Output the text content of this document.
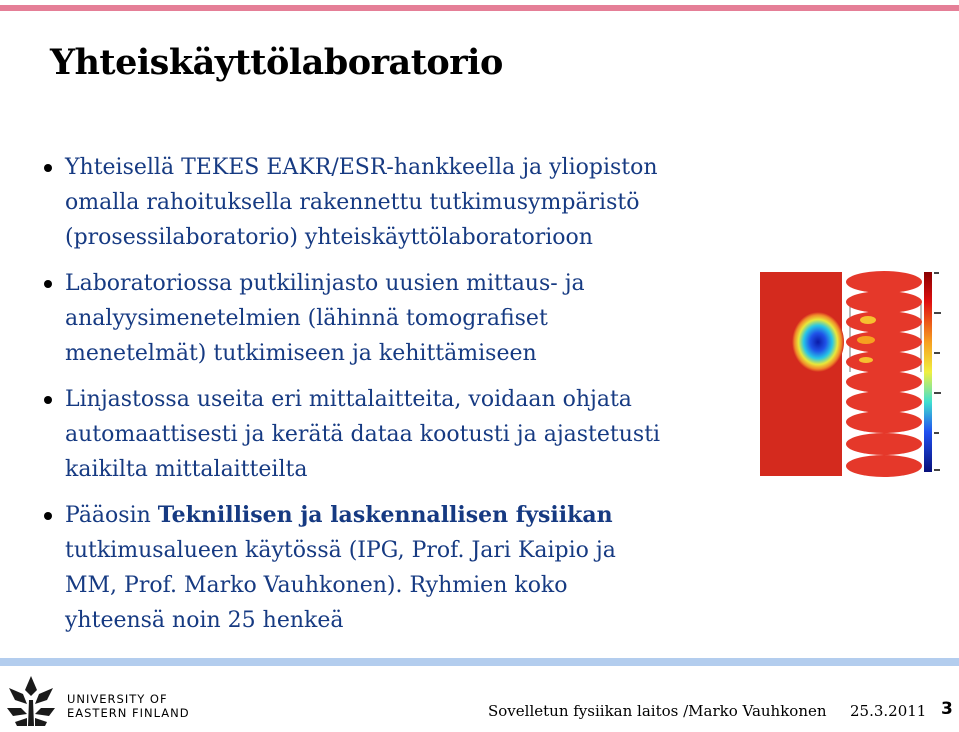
Yhteiskäyttölaboratorio
Yhteisellä TEKES EAKR/ESR-hankkeella ja yliopiston
omalla rahoituksella rakennettu tutkimusympäristö
(prosessilaboratorio) yhteiskäyttölaboratorioon
Laboratoriossa putkilinjasto uusien mittaus- ja
analyysimenetelmien (lähinnä tomografiset
menetelmät) tutkimiseen ja kehittämiseen
Linjastossa useita eri mittalaitteita, voidaan ohjata
automaattisesti ja kerätä dataa kootusti ja ajastetusti
kaikilta mittalaitteilta
Pääosin Teknillisen ja laskennallisen fysiikan
tutkimusalueen käytössä (IPG, Prof. Jari Kaipio ja
MM, Prof. Marko Vauhkonen). Ryhmien koko
yhteensä noin 25 henkeä
UNIVERSITY OF
EASTERN FINLAND	Sovelletun fysiikan laitos /Marko Vauhkonen 25.3.2011 3
